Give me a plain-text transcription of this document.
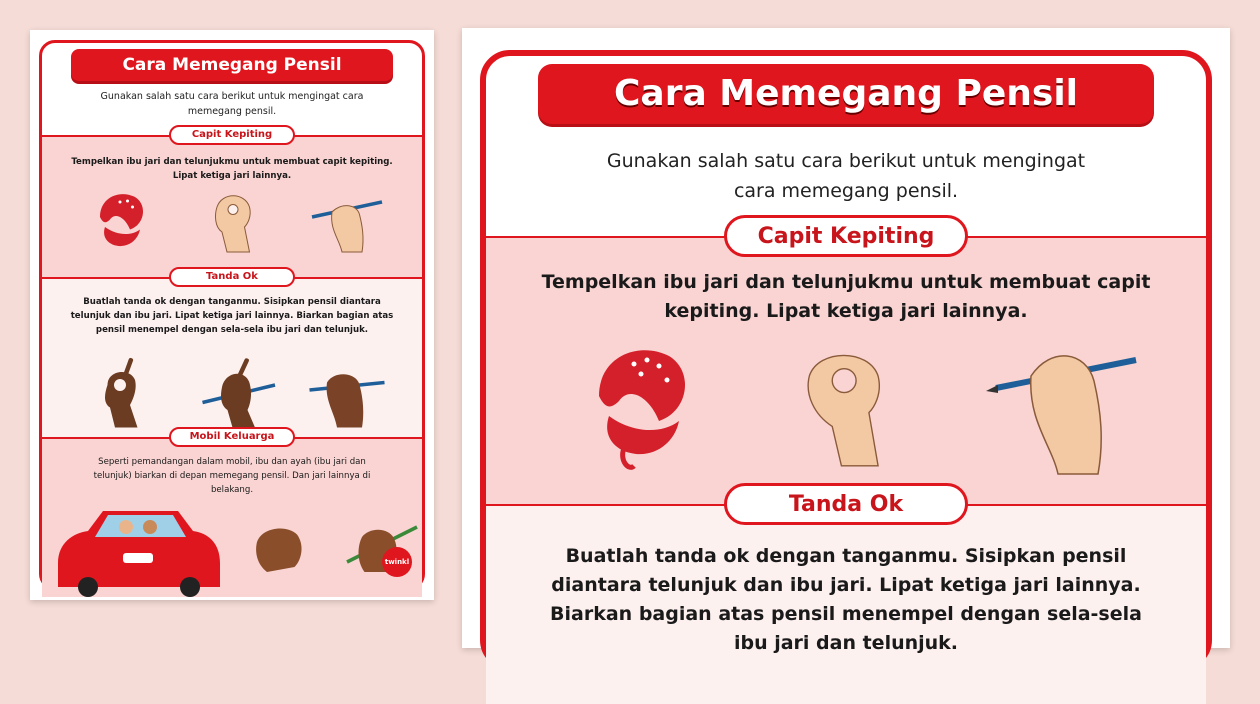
Cara Memegang Pensil
Gunakan salah satu cara berikut untuk mengingat cara memegang pensil.
Capit Kepiting
Tempelkan ibu jari dan telunjukmu untuk membuat capit kepiting. Lipat ketiga jari lainnya.
Tanda Ok
Buatlah tanda ok dengan tanganmu. Sisipkan pensil diantara telunjuk dan ibu jari. Lipat ketiga jari lainnya. Biarkan bagian atas pensil menempel dengan sela-sela ibu jari dan telunjuk.
Mobil Keluarga
Seperti pemandangan dalam mobil, ibu dan ayah (ibu jari dan telunjuk) biarkan di depan memegang pensil. Dan jari lainnya di belakang.
twinkl
Cara Memegang Pensil
Gunakan salah satu cara berikut untuk mengingat cara memegang pensil.
Capit Kepiting
Tempelkan ibu jari dan telunjukmu untuk membuat capit kepiting. Lipat ketiga jari lainnya.
Tanda Ok
Buatlah tanda ok dengan tanganmu. Sisipkan pensil diantara telunjuk dan ibu jari. Lipat ketiga jari lainnya. Biarkan bagian atas pensil menempel dengan sela-sela ibu jari dan telunjuk.
